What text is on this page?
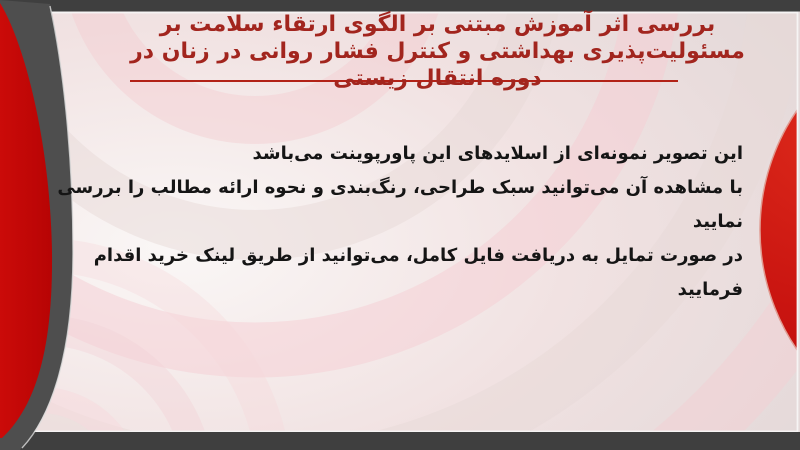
بررسی اثر آموزش مبتنی بر الگوی ارتقاء سلامت بر
مسئولیت‌پذیری بهداشتی و کنترل فشار روانی در زنان در
دوره انتقال زیستی
این تصویر نمونه‌ای از اسلایدهای این پاورپوینت می‌باشد
با مشاهده آن می‌توانید سبک طراحی، رنگ‌بندی و نحوه ارائه مطالب را بررسی نمایید
در صورت تمایل به دریافت فایل کامل، می‌توانید از طریق لینک خرید اقدام فرمایید
